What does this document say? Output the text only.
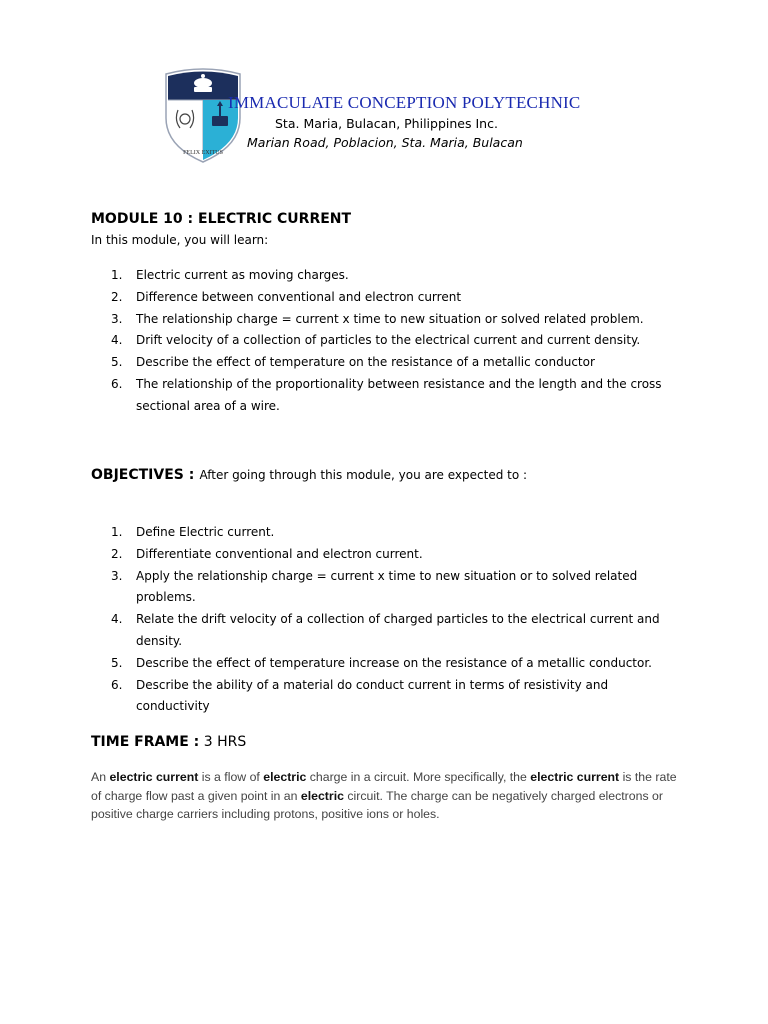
FELIX EXITUS
IMMACULATE CONCEPTION POLYTECHNIC
Sta. Maria, Bulacan, Philippines Inc.
Marian Road, Poblacion, Sta. Maria, Bulacan
MODULE 10 : ELECTRIC CURRENT
In this module, you will learn:
1. Electric current as moving charges.
2. Difference between conventional and electron current
3. The relationship charge = current x time to new situation or solved related problem.
4. Drift velocity of a collection of particles to the electrical current and current density.
5. Describe the effect of temperature on the resistance of a metallic conductor
6. The relationship of the proportionality between resistance and the length and the cross sectional area of a wire.
OBJECTIVES : After going through this module, you are expected to :
1. Define Electric current.
2. Differentiate conventional and electron current.
3. Apply the relationship charge = current x time to new situation or to solved related problems.
4. Relate the drift velocity of a collection of charged particles to the electrical current and density.
5. Describe the effect of temperature increase on the resistance of a metallic conductor.
6. Describe the ability of a material do conduct current in terms of resistivity and conductivity
TIME FRAME : 3 HRS
An electric current is a flow of electric charge in a circuit. More specifically, the electric current is the rate of charge flow past a given point in an electric circuit. The charge can be negatively charged electrons or positive charge carriers including protons, positive ions or holes.
